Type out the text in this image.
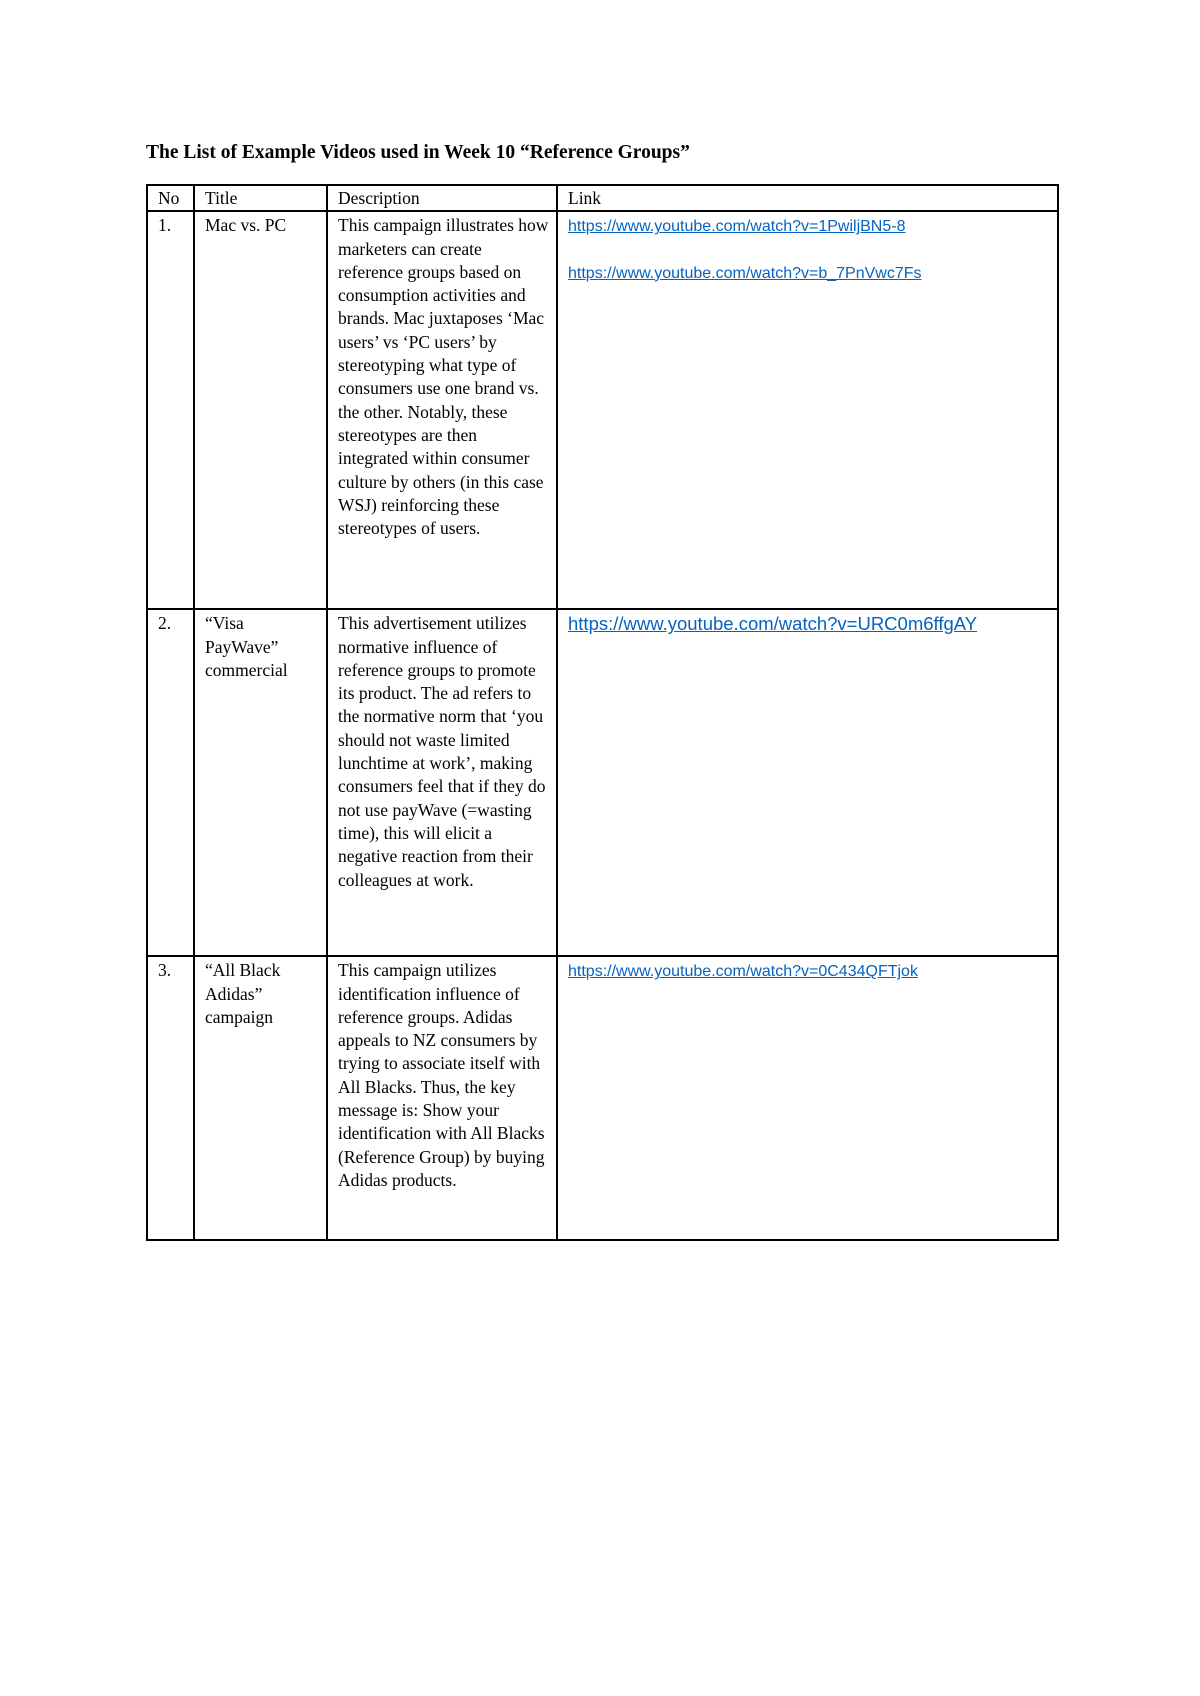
The List of Example Videos used in Week 10 “Reference Groups”
No	Title	Description	Link
1.	Mac vs. PC	This campaign illustrates how marketers can create reference groups based on consumption activities and brands. Mac juxtaposes ‘Mac users’ vs ‘PC users’ by stereotyping what type of consumers use one brand vs. the other. Notably, these stereotypes are then integrated within consumer culture by others (in this case WSJ) reinforcing these stereotypes of users.	https://www.youtube.com/watch?v=1PwiljBN5-8
https://www.youtube.com/watch?v=b_7PnVwc7Fs
2.	“Visa PayWave” commercial	This advertisement utilizes normative influence of reference groups to promote its product. The ad refers to the normative norm that ‘you should not waste limited lunchtime at work’, making consumers feel that if they do not use payWave (=wasting time), this will elicit a negative reaction from their colleagues at work.	https://www.youtube.com/watch?v=URC0m6ffgAY
3.	“All Black Adidas” campaign	This campaign utilizes identification influence of reference groups. Adidas appeals to NZ consumers by trying to associate itself with All Blacks. Thus, the key message is: Show your identification with All Blacks (Reference Group) by buying Adidas products.	https://www.youtube.com/watch?v=0C434QFTjok
